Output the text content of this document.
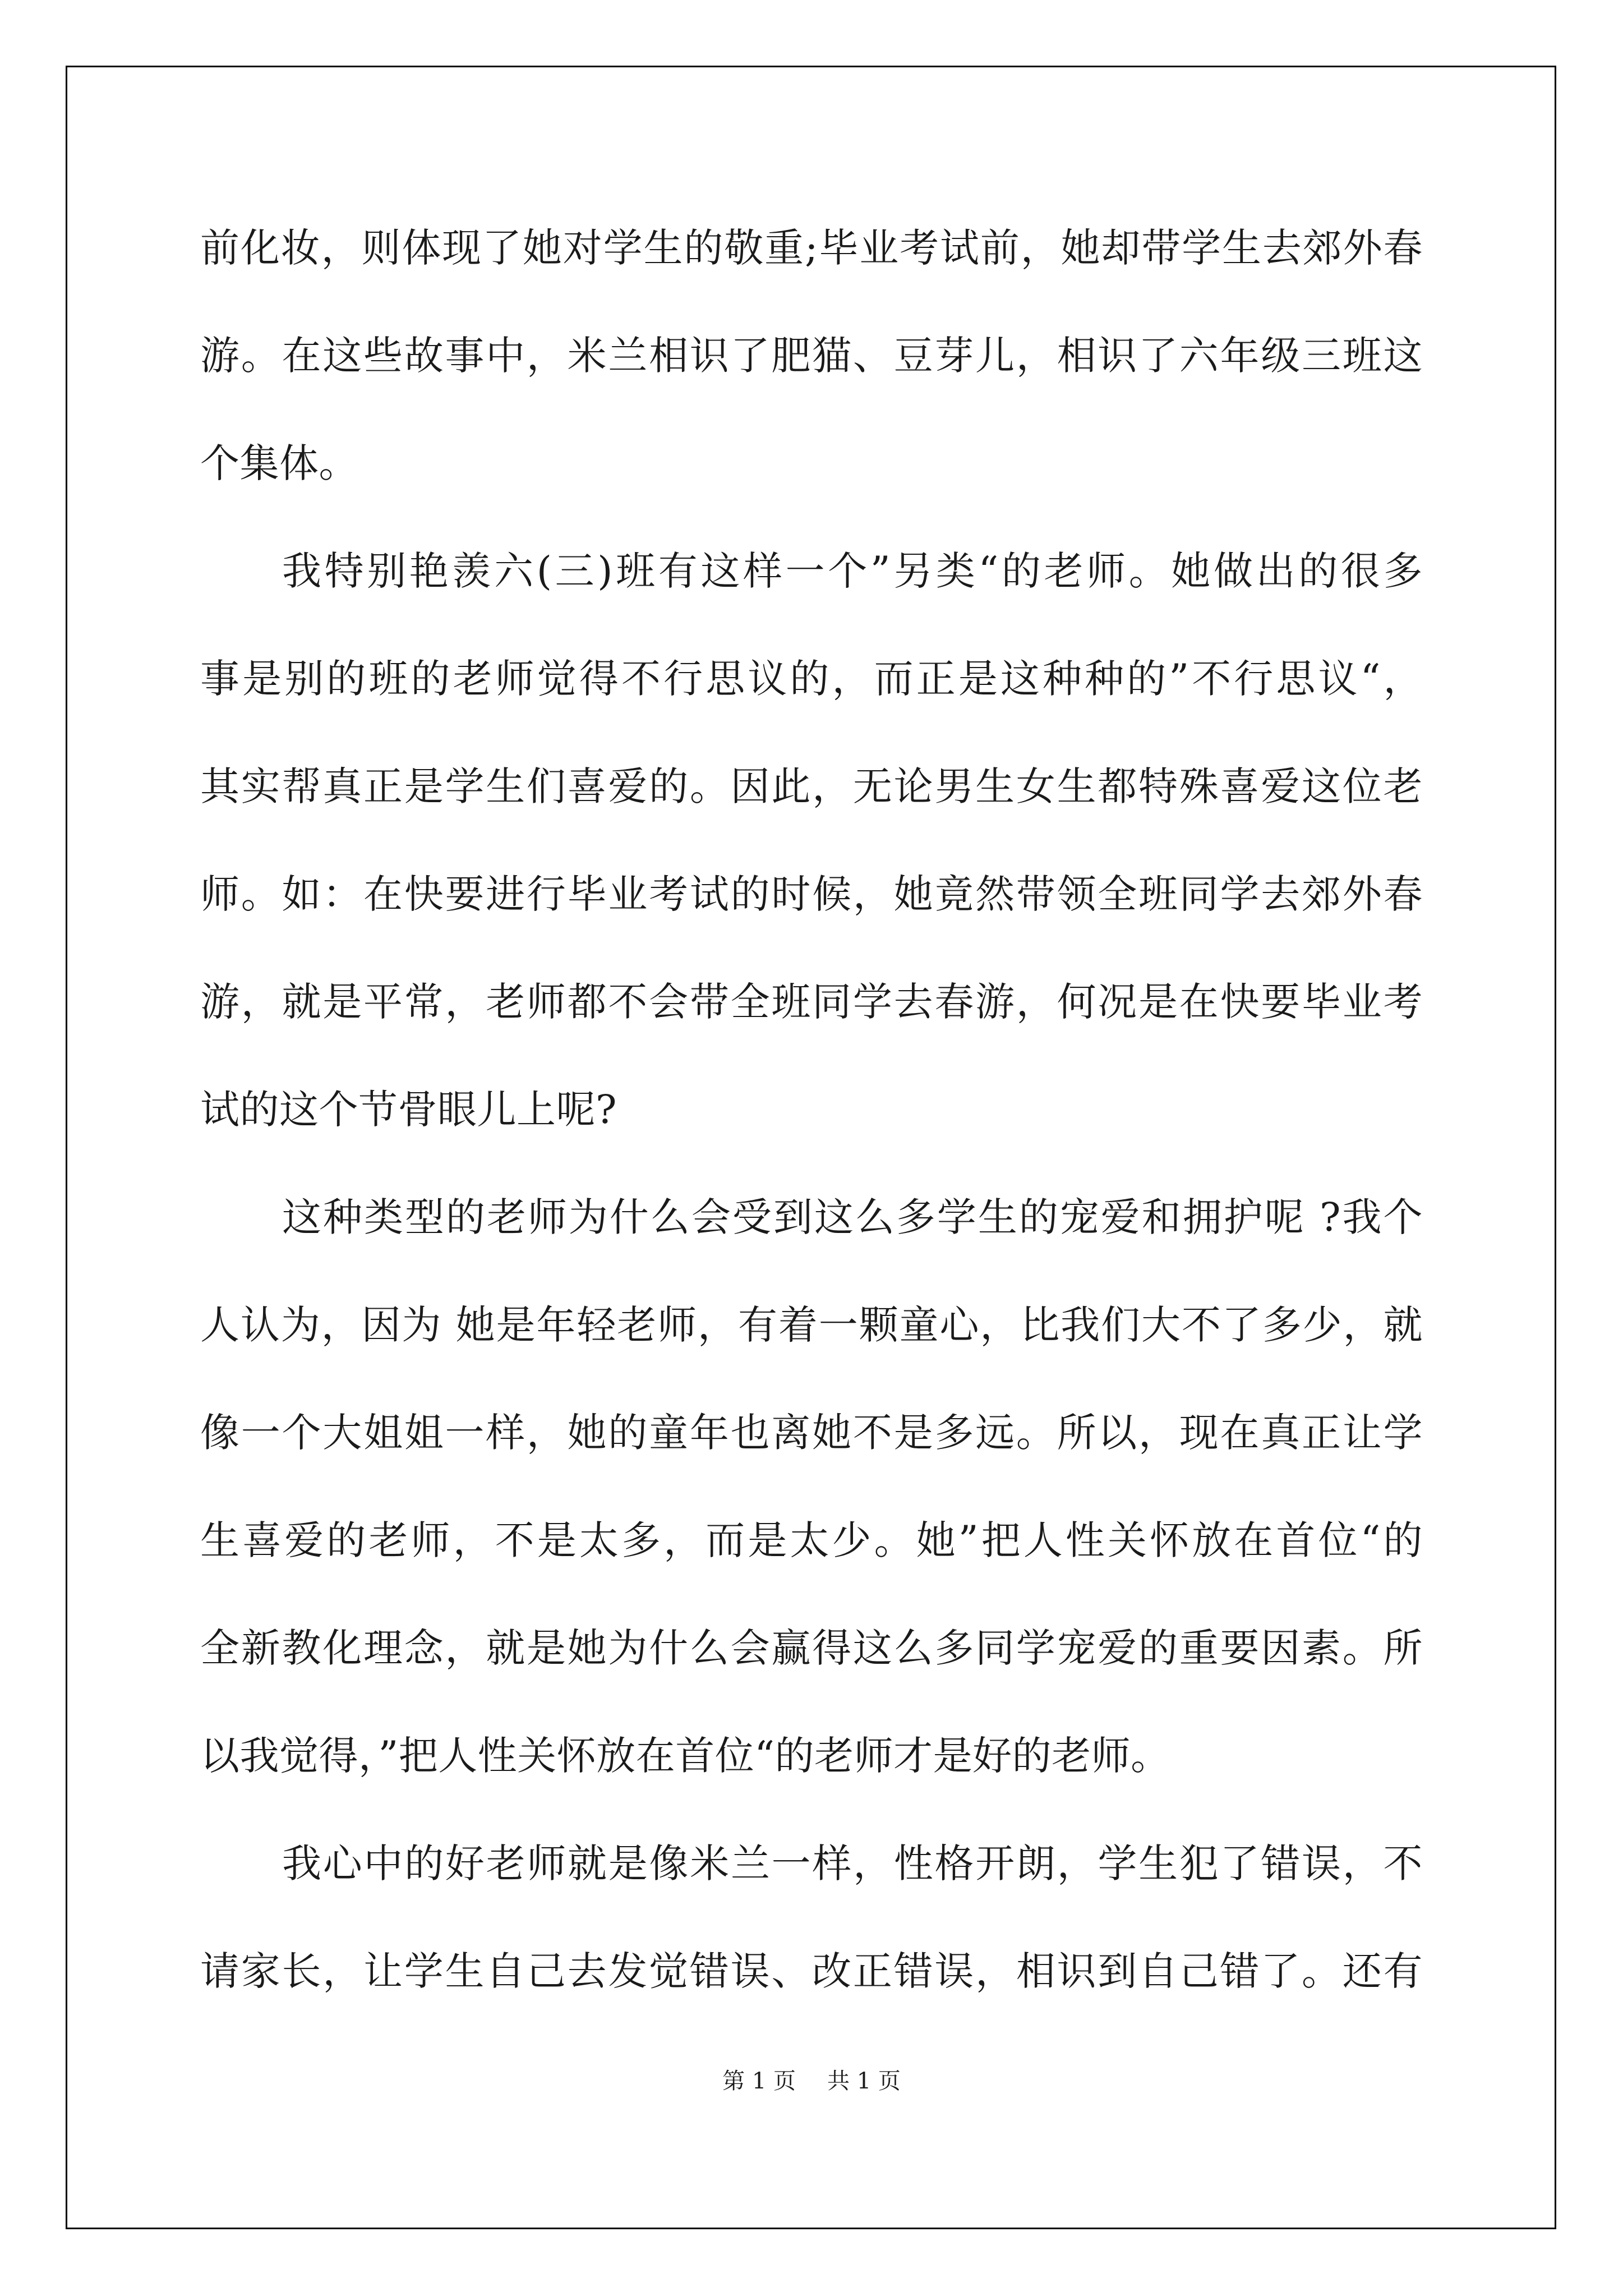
前化妆，则体现了她对学生的敬重;毕业考试前，她却带学生去郊外春
游。在这些故事中，米兰相识了肥猫、豆芽儿，相识了六年级三班这
个集体。
我特别艳羡六(三)班有这样一个”另类“的老师。她做出的很多
事是别的班的老师觉得不行思议的，而正是这种种的”不行思议“，
其实帮真正是学生们喜爱的。因此，无论男生女生都特殊喜爱这位老
师。如：在快要进行毕业考试的时候，她竟然带领全班同学去郊外春
游，就是平常，老师都不会带全班同学去春游，何况是在快要毕业考
试的这个节骨眼儿上呢?
这种类型的老师为什么会受到这么多学生的宠爱和拥护呢 ?我个
人认为，因为 她是年轻老师，有着一颗童心，比我们大不了多少，就
像一个大姐姐一样，她的童年也离她不是多远。所以，现在真正让学
生喜爱的老师，不是太多，而是太少。她”把人性关怀放在首位“的
全新教化理念，就是她为什么会赢得这么多同学宠爱的重要因素。所
以我觉得，”把人性关怀放在首位“的老师才是好的老师。
我心中的好老师就是像米兰一样，性格开朗，学生犯了错误，不
请家长，让学生自己去发觉错误、改正错误，相识到自己错了。还有
第 1 页 共 1 页
